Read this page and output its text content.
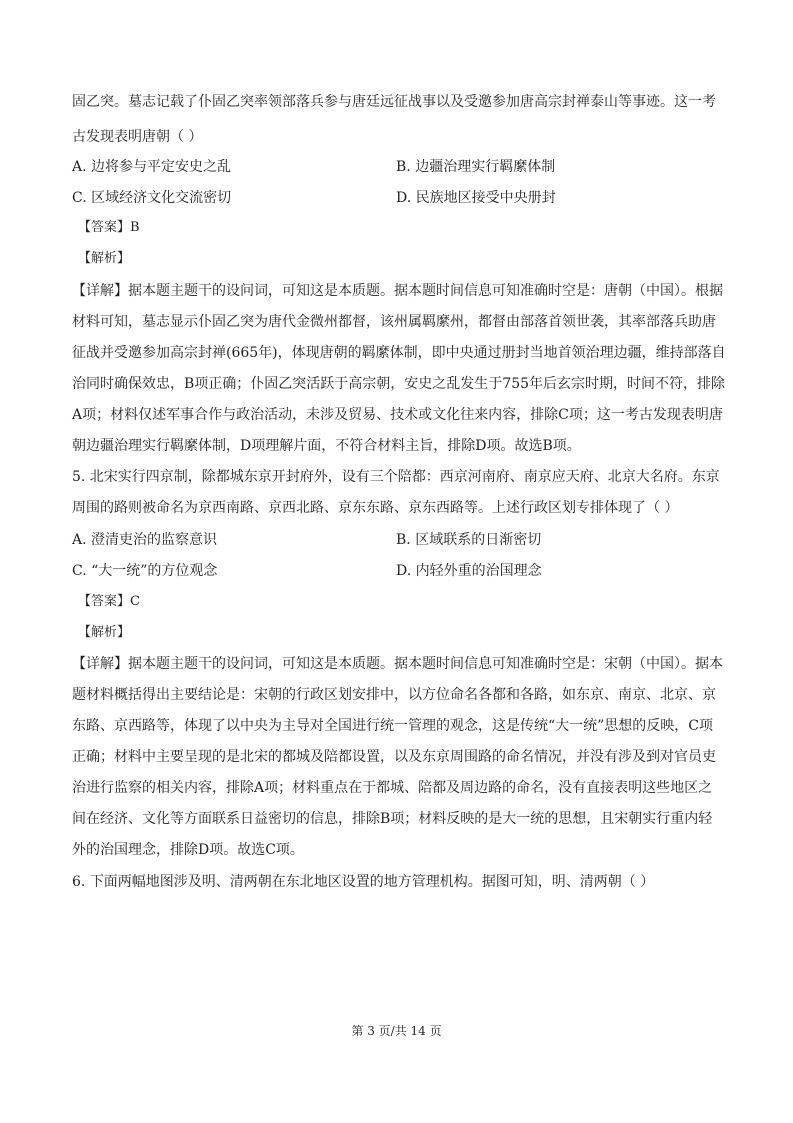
固乙突。墓志记载了仆固乙突率领部落兵参与唐廷远征战事以及受邀参加唐高宗封禅泰山等事迹。这一考
古发现表明唐朝（ ）
A. 边将参与平定安史之乱	B. 边疆治理实行羁縻体制
C. 区域经济文化交流密切	D. 民族地区接受中央册封
【答案】B
【解析】
【详解】据本题主题干的设问词，可知这是本质题。据本题时间信息可知准确时空是：唐朝（中国）。根据
材料可知，墓志显示仆固乙突为唐代金微州都督，该州属羁縻州，都督由部落首领世袭，其率部落兵助唐
征战并受邀参加高宗封禅(665年)，体现唐朝的羁縻体制，即中央通过册封当地首领治理边疆，维持部落自
治同时确保效忠，B项正确；仆固乙突活跃于高宗朝，安史之乱发生于755年后玄宗时期，时间不符，排除
A项；材料仅述军事合作与政治活动，未涉及贸易、技术或文化往来内容，排除C项；这一考古发现表明唐
朝边疆治理实行羁縻体制，D项理解片面，不符合材料主旨，排除D项。故选B项。
5. 北宋实行四京制，除都城东京开封府外，设有三个陪都：西京河南府、南京应天府、北京大名府。东京
周围的路则被命名为京西南路、京西北路、京东东路、京东西路等。上述行政区划专排体现了（ ）
A. 澄清吏治的监察意识	B. 区域联系的日渐密切
C. “大一统”的方位观念	D. 内轻外重的治国理念
【答案】C
【解析】
【详解】据本题主题干的设问词，可知这是本质题。据本题时间信息可知准确时空是：宋朝（中国）。据本
题材料概括得出主要结论是：宋朝的行政区划安排中，以方位命名各都和各路，如东京、南京、北京、京
东路、京西路等，体现了以中央为主导对全国进行统一管理的观念，这是传统“大一统”思想的反映，C项
正确；材料中主要呈现的是北宋的都城及陪都设置，以及东京周围路的命名情况，并没有涉及到对官员吏
治进行监察的相关内容，排除A项；材料重点在于都城、陪都及周边路的命名，没有直接表明这些地区之
间在经济、文化等方面联系日益密切的信息，排除B项；材料反映的是大一统的思想，且宋朝实行重内轻
外的治国理念，排除D项。故选C项。
6. 下面两幅地图涉及明、清两朝在东北地区设置的地方管理机构。据图可知，明、清两朝（ ）
第 3 页/共 14 页
